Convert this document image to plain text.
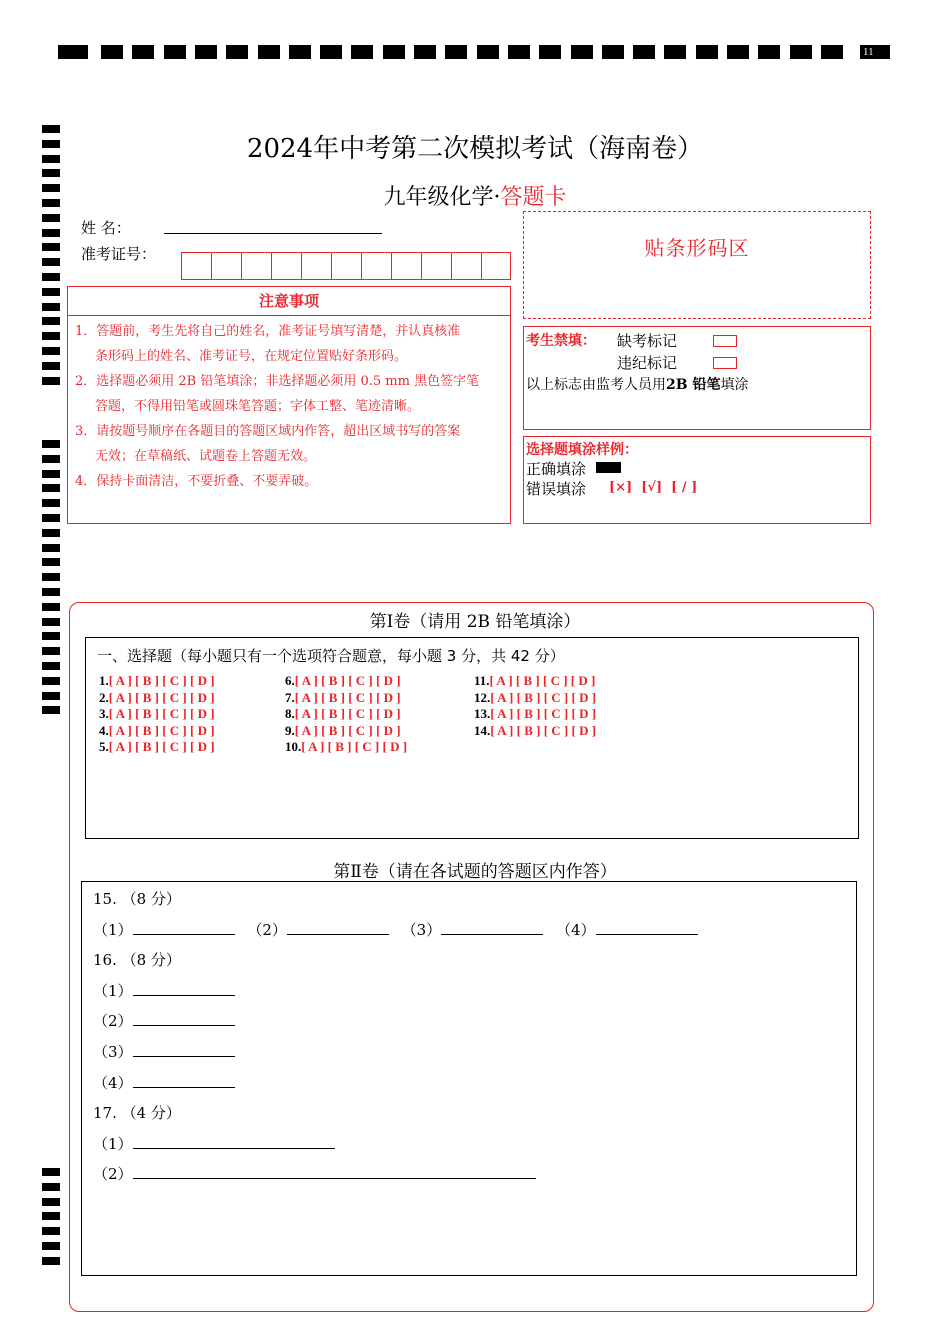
11
2024年中考第二次模拟考试（海南卷）
九年级化学·答题卡
姓 名：
准考证号：	贴条形码区
注意事项

1．答题前，考生先将自己的姓名，准考证号填写清楚，并认真核准

条形码上的姓名、准考证号，在规定位置贴好条形码。

2．选择题必须用 2B 铅笔填涂；非选择题必须用 0.5 mm 黑色签字笔

答题，不得用铅笔或圆珠笔答题；字体工整、笔迹清晰。

3．请按题号顺序在各题目的答题区域内作答，超出区域书写的答案

无效；在草稿纸、试题卷上答题无效。

4．保持卡面清洁，不要折叠、不要弄破。

考生禁填： 缺考标记
违纪标记
以上标志由监考人员用2B 铅笔填涂
选择题填涂样例：
正确填涂
错误填涂 [×]  [√]  [ / ]
第Ⅰ卷（请用 2B 铅笔填涂）
一、选择题（每小题只有一个选项符合题意，每小题 3 分，共 42 分）
1.[ A ] [ B ] [ C ] [ D ]
2.[ A ] [ B ] [ C ] [ D ]
3.[ A ] [ B ] [ C ] [ D ]
4.[ A ] [ B ] [ C ] [ D ]
5.[ A ] [ B ] [ C ] [ D ]
6.[ A ] [ B ] [ C ] [ D ]
7.[ A ] [ B ] [ C ] [ D ]
8.[ A ] [ B ] [ C ] [ D ]
9.[ A ] [ B ] [ C ] [ D ]
10.[ A ] [ B ] [ C ] [ D ]
11.[ A ] [ B ] [ C ] [ D ]
12.[ A ] [ B ] [ C ] [ D ]
13.[ A ] [ B ] [ C ] [ D ]
14.[ A ] [ B ] [ C ] [ D ]
第Ⅱ卷（请在各试题的答题区内作答）
15. （8 分）
（1）	（2）	（3）	（4）
16. （8 分）
（1）
（2）
（3）
（4）
17. （4 分）
（1）
（2）
